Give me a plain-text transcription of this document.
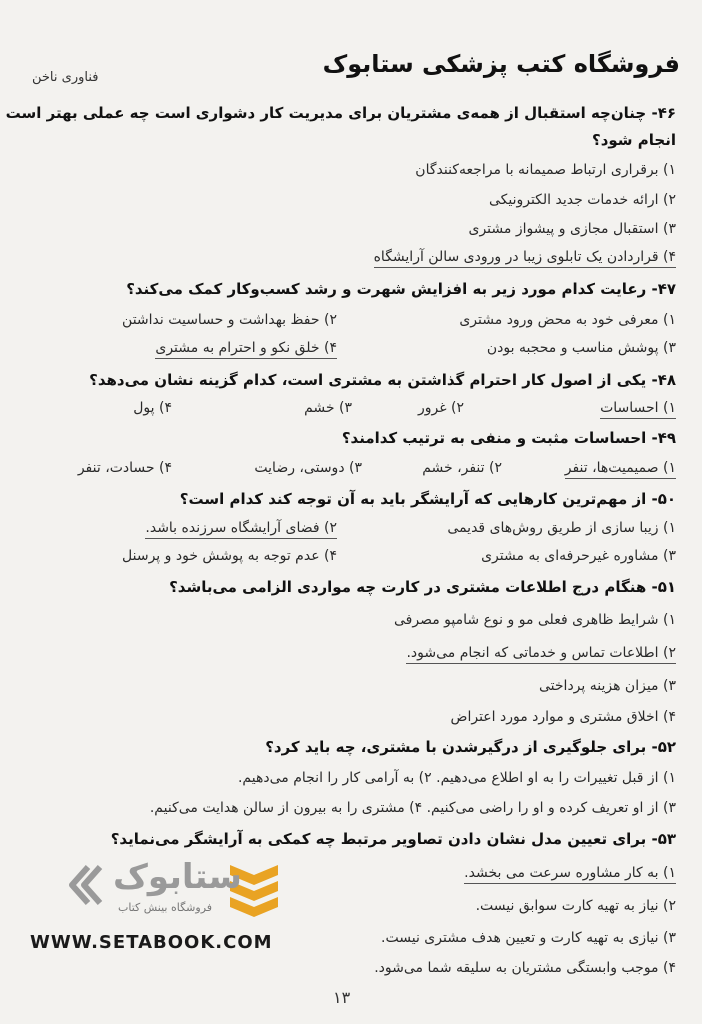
فروشگاه کتب پزشکی ستابوک
فناوری ناخن
۴۶- چنان‌چه استقبال از همه‌ی مشتریان برای مدیریت کار دشواری است چه عملی بهتر است
انجام شود؟
۱) برقراری ارتباط صمیمانه با مراجعه‌کنندگان
۲) ارائه خدمات جدید الکترونیکی
۳) استقبال مجازی و پیشواز مشتری
۴) قراردادن یک تابلوی زیبا در ورودی سالن آرایشگاه
۴۷- رعایت کدام مورد زیر به افزایش شهرت و رشد کسب‌وکار کمک می‌کند؟
۱) معرفی خود به محض ورود مشتری
۲) حفظ بهداشت و حساسیت نداشتن
۳) پوشش مناسب و محجبه بودن
۴) خلق نکو و احترام به مشتری
۴۸- یکی از اصول کار احترام گذاشتن به مشتری است، کدام گزینه نشان می‌دهد؟
۱) احساسات
۲) غرور
۳) خشم
۴) پول
۴۹- احساسات مثبت و منفی به ترتیب کدامند؟
۱) صمیمیت‌ها، تنفر
۲) تنفر، خشم
۳) دوستی، رضایت
۴) حسادت، تنفر
۵۰- از مهم‌ترین کارهایی که آرایشگر باید به آن توجه کند کدام است؟
۱) زیبا سازی از طریق روش‌های قدیمی
۲) فضای آرایشگاه سرزنده باشد.
۳) مشاوره غیرحرفه‌ای به مشتری
۴) عدم توجه به پوشش خود و پرسنل
۵۱- هنگام درج اطلاعات مشتری در کارت چه مواردی الزامی می‌باشد؟
۱) شرایط ظاهری فعلی مو و نوع شامپو مصرفی
۲) اطلاعات تماس و خدماتی که انجام می‌شود.
۳) میزان هزینه پرداختی
۴) اخلاق مشتری و موارد مورد اعتراض
۵۲- برای جلوگیری از درگیرشدن با مشتری، چه باید کرد؟
۱) از قبل تغییرات را به او اطلاع می‌دهیم. ۲) به آرامی کار را انجام می‌دهیم.
۳) از او تعریف کرده و او را راضی می‌کنیم. ۴) مشتری را به بیرون از سالن هدایت می‌کنیم.
۵۳- برای تعیین مدل نشان دادن تصاویر مرتبط چه کمکی به آرایشگر می‌نماید؟
۱) به کار مشاوره سرعت می بخشد.
۲) نیاز به تهیه کارت سوابق نیست.
۳) نیازی به تهیه کارت و تعیین هدف مشتری نیست.
۴) موجب وابستگی مشتریان به سلیقه شما می‌شود.
ستابوک
فروشگاه بینش کتاب
WWW.SETABOOK.COM
۱۳
